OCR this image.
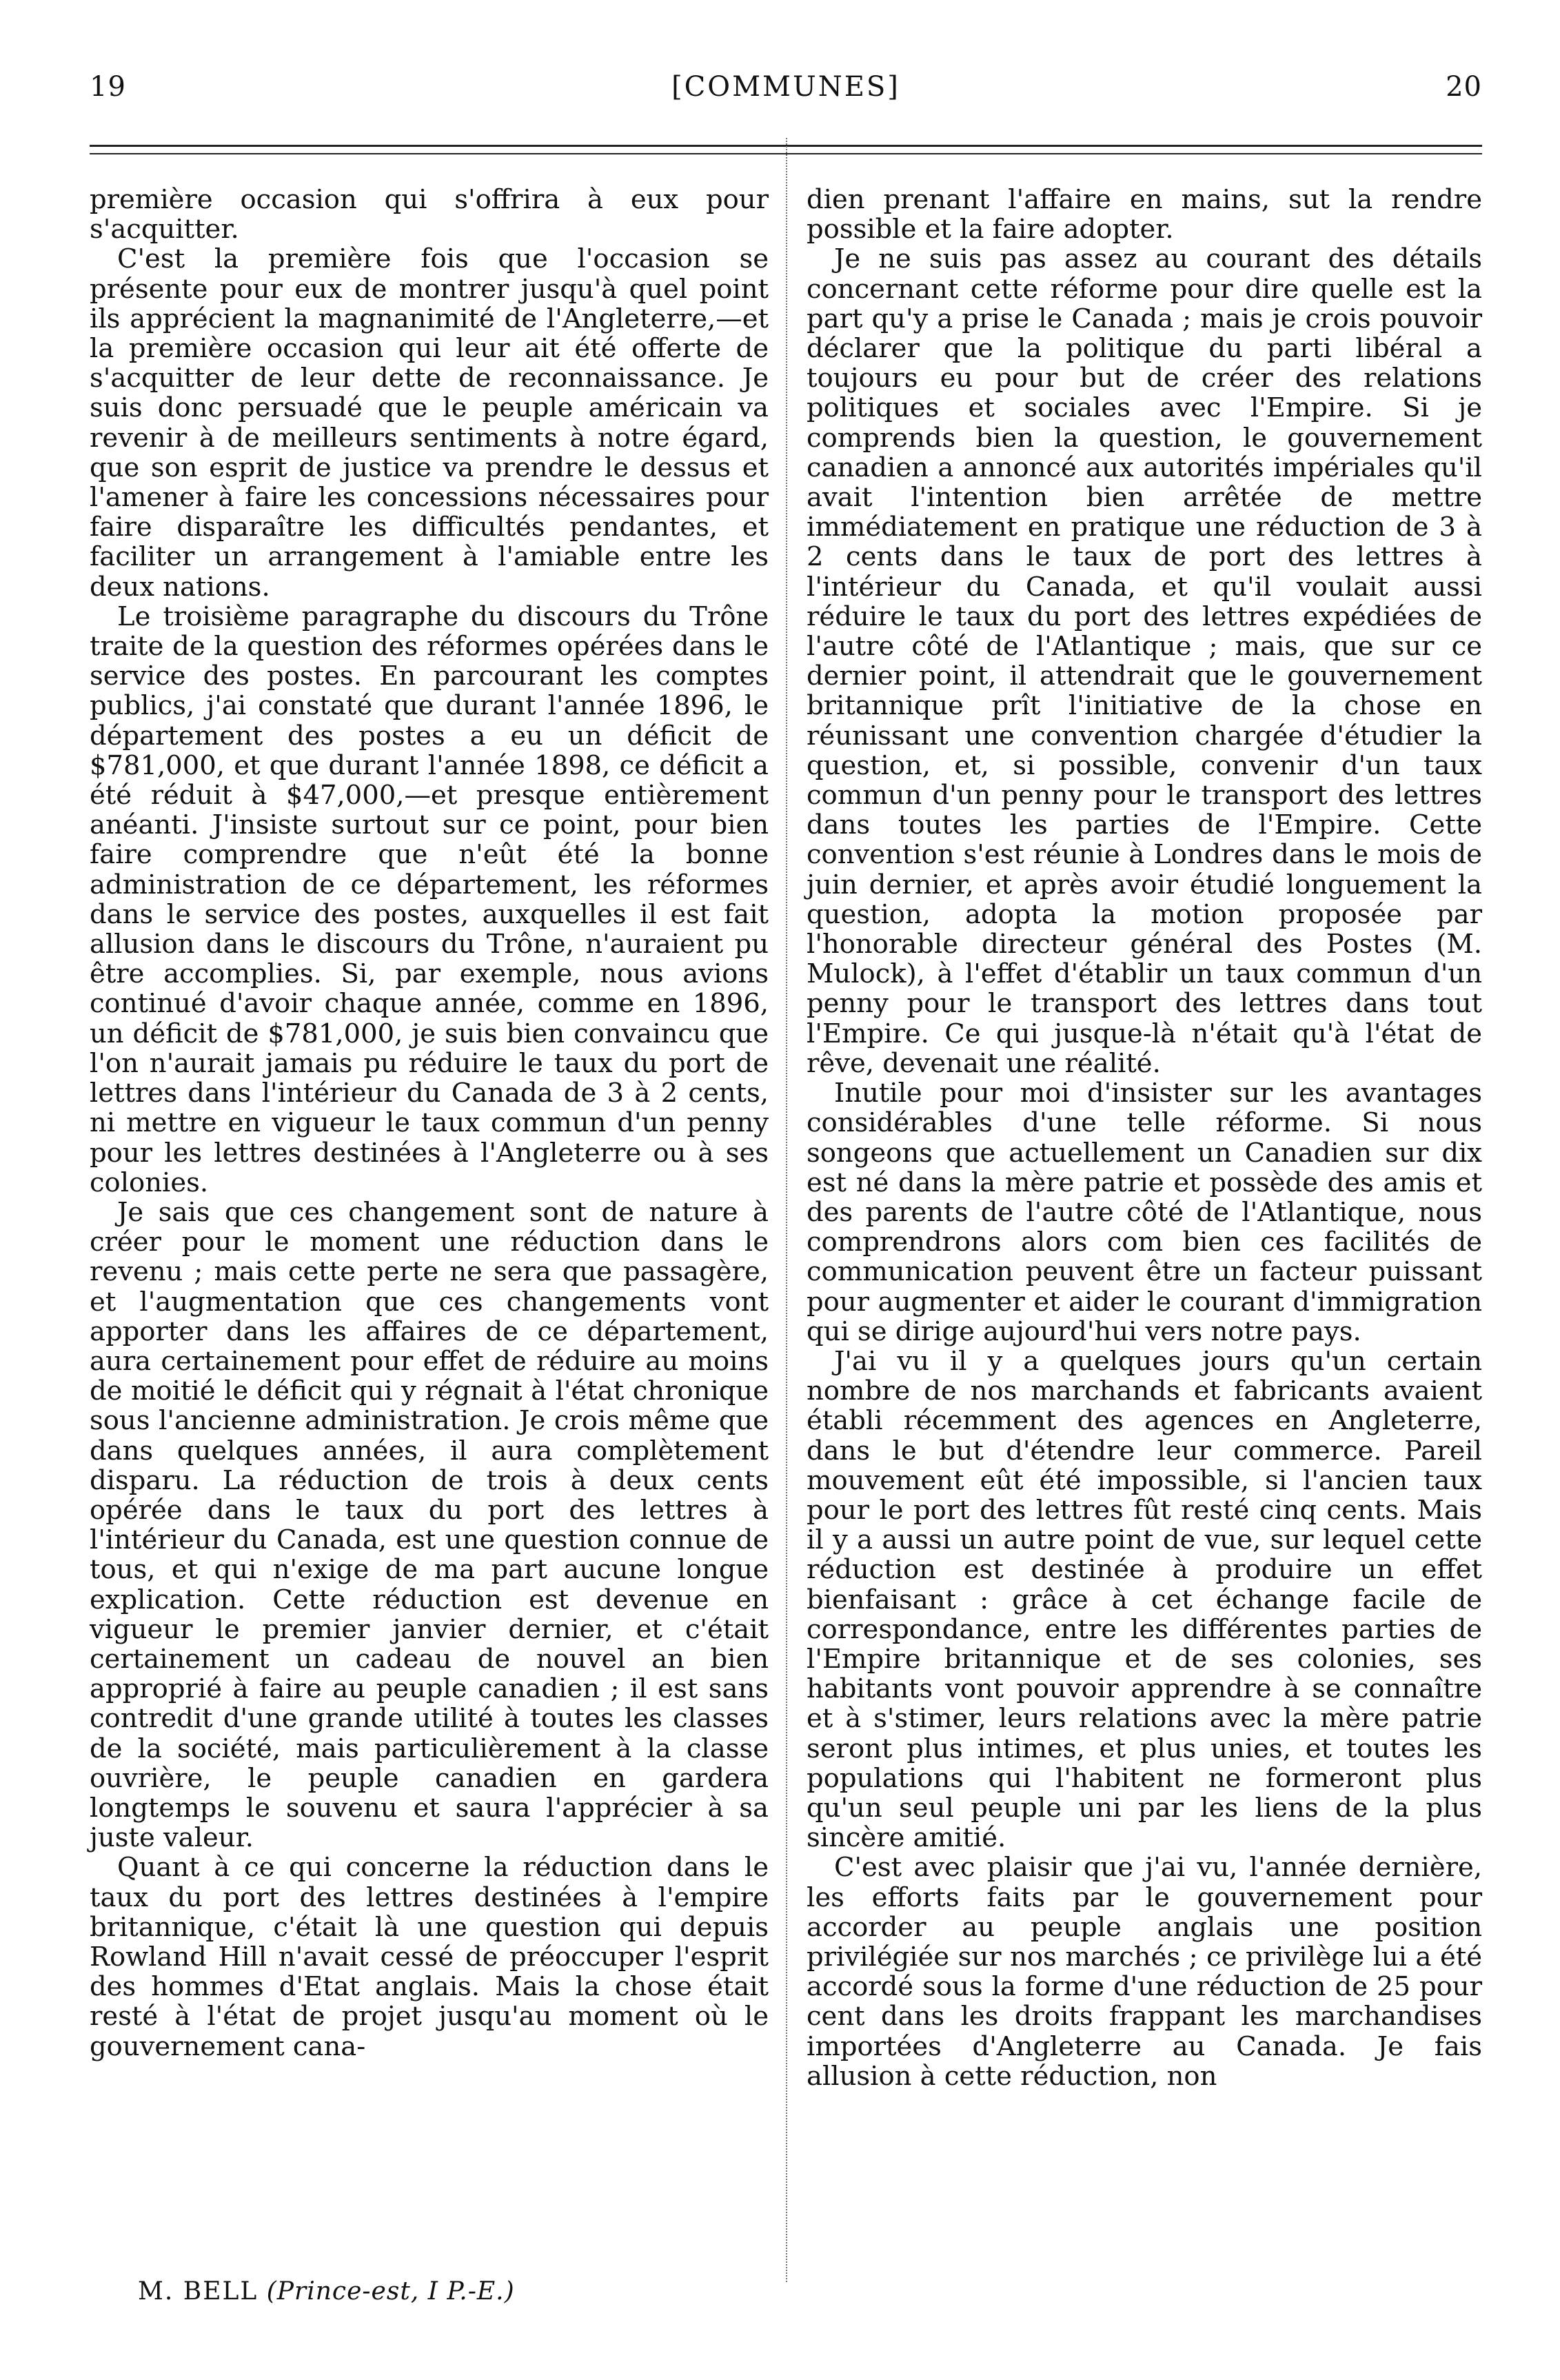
19	[COMMUNES]	20

première occasion qui s'offrira à eux pour s'acquitter.

C'est la première fois que l'occasion se présente pour eux de montrer jusqu'à quel point ils apprécient la magnanimité de l'Angleterre,—et la première occasion qui leur ait été offerte de s'acquitter de leur dette de reconnaissance. Je suis donc persuadé que le peuple américain va revenir à de meilleurs sentiments à notre égard, que son esprit de justice va prendre le dessus et l'amener à faire les concessions nécessaires pour faire disparaître les difficultés pendantes, et faciliter un arrangement à l'amiable entre les deux nations.

Le troisième paragraphe du discours du Trône traite de la question des réformes opérées dans le service des postes. En parcourant les comptes publics, j'ai constaté que durant l'année 1896, le département des postes a eu un déficit de $781,000, et que durant l'année 1898, ce déficit a été réduit à $47,000,—et presque entièrement anéanti. J'insiste surtout sur ce point, pour bien faire comprendre que n'eût été la bonne administration de ce département, les réformes dans le service des postes, auxquelles il est fait allusion dans le discours du Trône, n'auraient pu être accomplies. Si, par exemple, nous avions continué d'avoir chaque année, comme en 1896, un déficit de $781,000, je suis bien convaincu que l'on n'aurait jamais pu réduire le taux du port de lettres dans l'intérieur du Canada de 3 à 2 cents, ni mettre en vigueur le taux commun d'un penny pour les lettres destinées à l'Angleterre ou à ses colonies.

Je sais que ces changement sont de nature à créer pour le moment une réduction dans le revenu ; mais cette perte ne sera que passagère, et l'augmentation que ces changements vont apporter dans les affaires de ce département, aura certainement pour effet de réduire au moins de moitié le déficit qui y régnait à l'état chronique sous l'ancienne administration. Je crois même que dans quelques années, il aura complètement disparu. La réduction de trois à deux cents opérée dans le taux du port des lettres à l'intérieur du Canada, est une question connue de tous, et qui n'exige de ma part aucune longue explication. Cette réduction est devenue en vigueur le premier janvier dernier, et c'était certainement un cadeau de nouvel an bien approprié à faire au peuple canadien ; il est sans contredit d'une grande utilité à toutes les classes de la société, mais particulièrement à la classe ouvrière, le peuple canadien en gardera longtemps le souvenu et saura l'apprécier à sa juste valeur.

Quant à ce qui concerne la réduction dans le taux du port des lettres destinées à l'empire britannique, c'était là une question qui depuis Rowland Hill n'avait cessé de préoccuper l'esprit des hommes d'Etat anglais. Mais la chose était resté à l'état de projet jusqu'au moment où le gouvernement cana-

dien prenant l'affaire en mains, sut la rendre possible et la faire adopter.

Je ne suis pas assez au courant des détails concernant cette réforme pour dire quelle est la part qu'y a prise le Canada ; mais je crois pouvoir déclarer que la politique du parti libéral a toujours eu pour but de créer des relations politiques et sociales avec l'Empire. Si je comprends bien la question, le gouvernement canadien a annoncé aux autorités impériales qu'il avait l'intention bien arrêtée de mettre immédiatement en pratique une réduction de 3 à 2 cents dans le taux de port des lettres à l'intérieur du Canada, et qu'il voulait aussi réduire le taux du port des lettres expédiées de l'autre côté de l'Atlantique ; mais, que sur ce dernier point, il attendrait que le gouvernement britannique prît l'initiative de la chose en réunissant une convention chargée d'étudier la question, et, si possible, convenir d'un taux commun d'un penny pour le transport des lettres dans toutes les parties de l'Empire. Cette convention s'est réunie à Londres dans le mois de juin dernier, et après avoir étudié longuement la question, adopta la motion proposée par l'honorable directeur général des Postes (M. Mulock), à l'effet d'établir un taux commun d'un penny pour le transport des lettres dans tout l'Empire. Ce qui jusque-là n'était qu'à l'état de rêve, devenait une réalité.

Inutile pour moi d'insister sur les avantages considérables d'une telle réforme. Si nous songeons que actuellement un Canadien sur dix est né dans la mère patrie et possède des amis et des parents de l'autre côté de l'Atlantique, nous comprendrons alors com bien ces facilités de communication peuvent être un facteur puissant pour augmenter et aider le courant d'immigration qui se dirige aujourd'hui vers notre pays.

J'ai vu il y a quelques jours qu'un certain nombre de nos marchands et fabricants avaient établi récemment des agences en Angleterre, dans le but d'étendre leur commerce. Pareil mouvement eût été impossible, si l'ancien taux pour le port des lettres fût resté cinq cents. Mais il y a aussi un autre point de vue, sur lequel cette réduction est destinée à produire un effet bienfaisant : grâce à cet échange facile de correspondance, entre les différentes parties de l'Empire britannique et de ses colonies, ses habitants vont pouvoir apprendre à se connaître et à s'stimer, leurs relations avec la mère patrie seront plus intimes, et plus unies, et toutes les populations qui l'habitent ne formeront plus qu'un seul peuple uni par les liens de la plus sincère amitié.

C'est avec plaisir que j'ai vu, l'année dernière, les efforts faits par le gouvernement pour accorder au peuple anglais une position privilégiée sur nos marchés ; ce privilège lui a été accordé sous la forme d'une réduction de 25 pour cent dans les droits frappant les marchandises importées d'Angleterre au Canada. Je fais allusion à cette réduction, non

M. BELL (Prince-est, I P.-E.)
